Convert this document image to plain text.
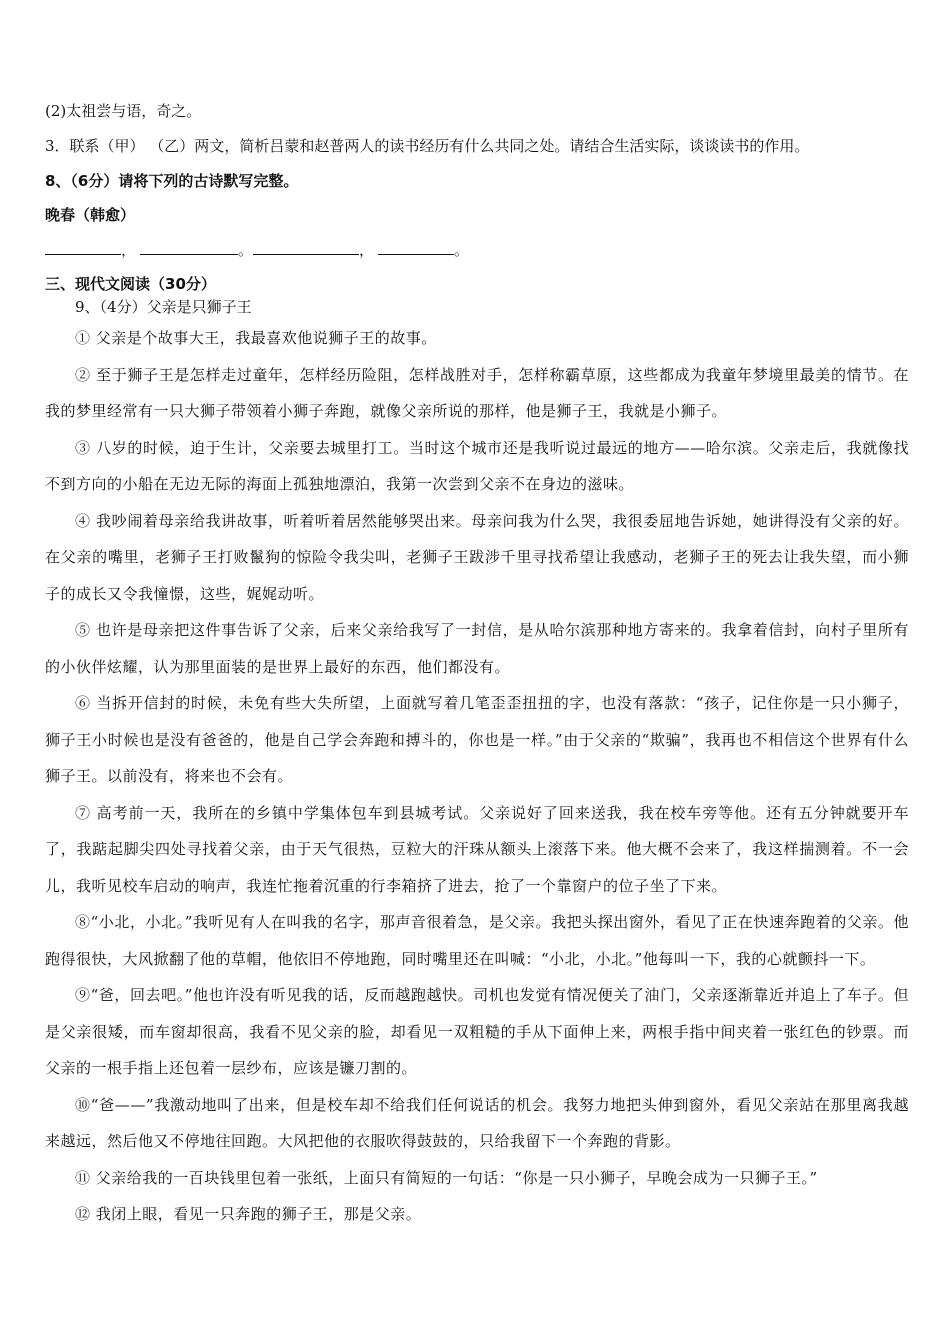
(2)太祖尝与语，奇之。
3．联系（甲） （乙）两文，简析吕蒙和赵普两人的读书经历有什么共同之处。请结合生活实际，谈谈读书的作用。
8、（6分）请将下列的古诗默写完整。
晚春（韩愈）
，	。	，	。
三、现代文阅读（30分）
9、（4分）父亲是只狮子王

① 父亲是个故事大王，我最喜欢他说狮子王的故事。

② 至于狮子王是怎样走过童年，怎样经历险阻，怎样战胜对手，怎样称霸草原，这些都成为我童年梦境里最美的情节。在我的梦里经常有一只大狮子带领着小狮子奔跑，就像父亲所说的那样，他是狮子王，我就是小狮子。

③ 八岁的时候，迫于生计，父亲要去城里打工。当时这个城市还是我听说过最远的地方——哈尔滨。父亲走后，我就像找不到方向的小船在无边无际的海面上孤独地漂泊，我第一次尝到父亲不在身边的滋味。

④ 我吵闹着母亲给我讲故事，听着听着居然能够哭出来。母亲问我为什么哭，我很委屈地告诉她，她讲得没有父亲的好。在父亲的嘴里，老狮子王打败鬣狗的惊险令我尖叫，老狮子王跋涉千里寻找希望让我感动，老狮子王的死去让我失望，而小狮子的成长又令我憧憬，这些，娓娓动听。

⑤ 也许是母亲把这件事告诉了父亲，后来父亲给我写了一封信，是从哈尔滨那种地方寄来的。我拿着信封，向村子里所有的小伙伴炫耀，认为那里面装的是世界上最好的东西，他们都没有。

⑥ 当拆开信封的时候，未免有些大失所望，上面就写着几笔歪歪扭扭的字，也没有落款：“孩子，记住你是一只小狮子，狮子王小时候也是没有爸爸的，他是自己学会奔跑和搏斗的，你也是一样。”由于父亲的“欺骗”，我再也不相信这个世界有什么狮子王。以前没有，将来也不会有。

⑦ 高考前一天，我所在的乡镇中学集体包车到县城考试。父亲说好了回来送我，我在校车旁等他。还有五分钟就要开车了，我踮起脚尖四处寻找着父亲，由于天气很热，豆粒大的汗珠从额头上滚落下来。他大概不会来了，我这样揣测着。不一会儿，我听见校车启动的响声，我连忙拖着沉重的行李箱挤了进去，抢了一个靠窗户的位子坐了下来。

⑧“小北，小北。”我听见有人在叫我的名字，那声音很着急，是父亲。我把头探出窗外，看见了正在快速奔跑着的父亲。他跑得很快，大风掀翻了他的草帽，他依旧不停地跑，同时嘴里还在叫喊：“小北，小北。”他每叫一下，我的心就颤抖一下。

⑨“爸，回去吧。”他也许没有听见我的话，反而越跑越快。司机也发觉有情况便关了油门，父亲逐渐靠近并追上了车子。但是父亲很矮，而车窗却很高，我看不见父亲的脸，却看见一双粗糙的手从下面伸上来，两根手指中间夹着一张红色的钞票。而父亲的一根手指上还包着一层纱布，应该是镰刀割的。

⑩“爸——”我激动地叫了出来，但是校车却不给我们任何说话的机会。我努力地把头伸到窗外，看见父亲站在那里离我越来越远，然后他又不停地往回跑。大风把他的衣服吹得鼓鼓的，只给我留下一个奔跑的背影。

⑪ 父亲给我的一百块钱里包着一张纸，上面只有简短的一句话：“你是一只小狮子，早晚会成为一只狮子王。”

⑫ 我闭上眼，看见一只奔跑的狮子王，那是父亲。
